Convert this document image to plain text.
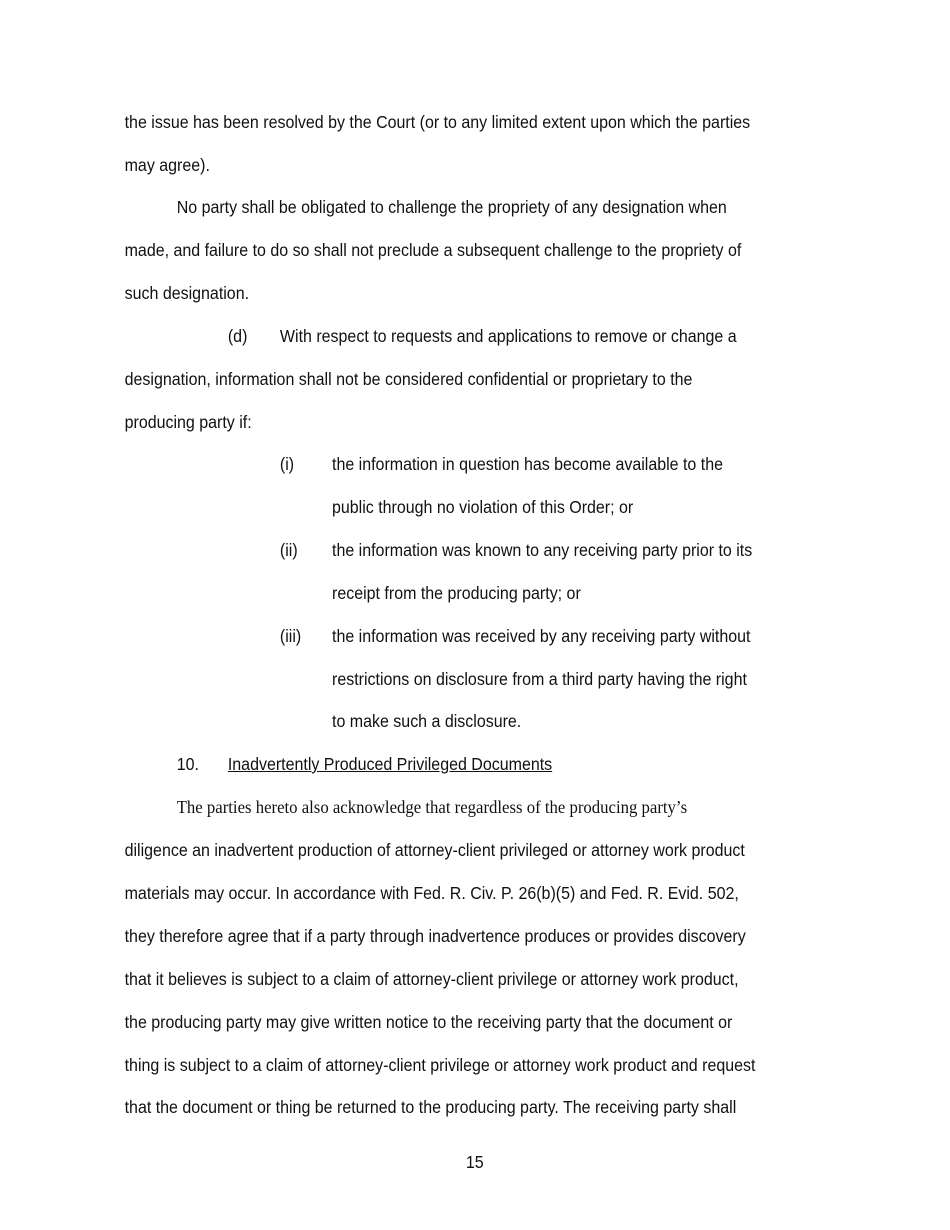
the issue has been resolved by the Court (or to any limited extent upon which the parties
may agree).
No party shall be obligated to challenge the propriety of any designation when
made, and failure to do so shall not preclude a subsequent challenge to the propriety of
such designation.
(d) With respect to requests and applications to remove or change a
designation, information shall not be considered confidential or proprietary to the
producing party if:
(i) the information in question has become available to the
public through no violation of this Order; or
(ii) the information was known to any receiving party prior to its
receipt from the producing party; or
(iii) the information was received by any receiving party without
restrictions on disclosure from a third party having the right
to make such a disclosure.
10. Inadvertently Produced Privileged Documents
The parties hereto also acknowledge that regardless of the producing party’s
diligence an inadvertent production of attorney-client privileged or attorney work product
materials may occur. In accordance with Fed. R. Civ. P. 26(b)(5) and Fed. R. Evid. 502,
they therefore agree that if a party through inadvertence produces or provides discovery
that it believes is subject to a claim of attorney-client privilege or attorney work product,
the producing party may give written notice to the receiving party that the document or
thing is subject to a claim of attorney-client privilege or attorney work product and request
that the document or thing be returned to the producing party. The receiving party shall
15
